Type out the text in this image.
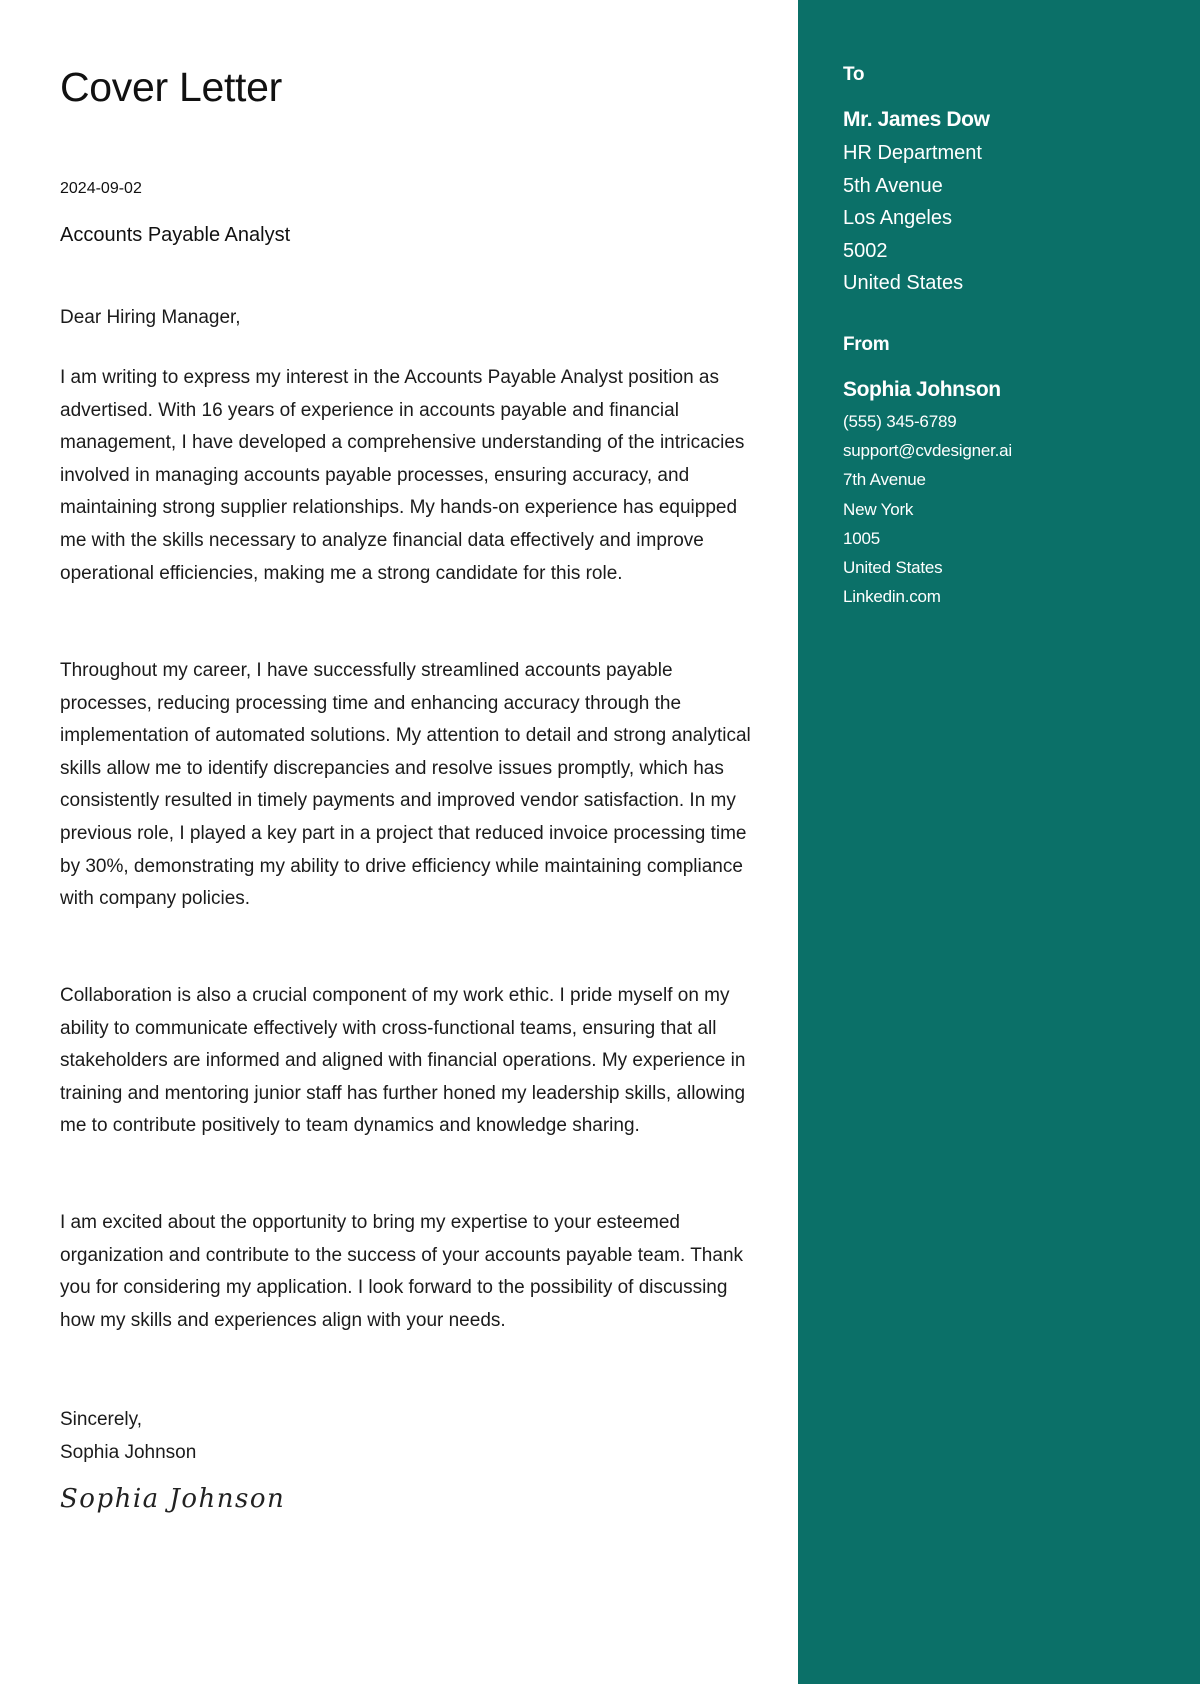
Cover Letter
2024-09-02
Accounts Payable Analyst
Dear Hiring Manager,

I am writing to express my interest in the Accounts Payable Analyst position as advertised. With 16 years of experience in accounts payable and financial management, I have developed a comprehensive understanding of the intricacies involved in managing accounts payable processes, ensuring accuracy, and maintaining strong supplier relationships. My hands-on experience has equipped me with the skills necessary to analyze financial data effectively and improve operational efficiencies, making me a strong candidate for this role.

Throughout my career, I have successfully streamlined accounts payable processes, reducing processing time and enhancing accuracy through the implementation of automated solutions. My attention to detail and strong analytical skills allow me to identify discrepancies and resolve issues promptly, which has consistently resulted in timely payments and improved vendor satisfaction. In my previous role, I played a key part in a project that reduced invoice processing time by 30%, demonstrating my ability to drive efficiency while maintaining compliance with company policies.

Collaboration is also a crucial component of my work ethic. I pride myself on my ability to communicate effectively with cross-functional teams, ensuring that all stakeholders are informed and aligned with financial operations. My experience in training and mentoring junior staff has further honed my leadership skills, allowing me to contribute positively to team dynamics and knowledge sharing.

I am excited about the opportunity to bring my expertise to your esteemed organization and contribute to the success of your accounts payable team. Thank you for considering my application. I look forward to the possibility of discussing how my skills and experiences align with your needs.

Sincerely,
Sophia Johnson
Sophia Johnson
To
Mr. James Dow
HR Department
5th Avenue
Los Angeles
5002
United States
From
Sophia Johnson
(555) 345-6789
support@cvdesigner.ai
7th Avenue
New York
1005
United States
Linkedin.com
